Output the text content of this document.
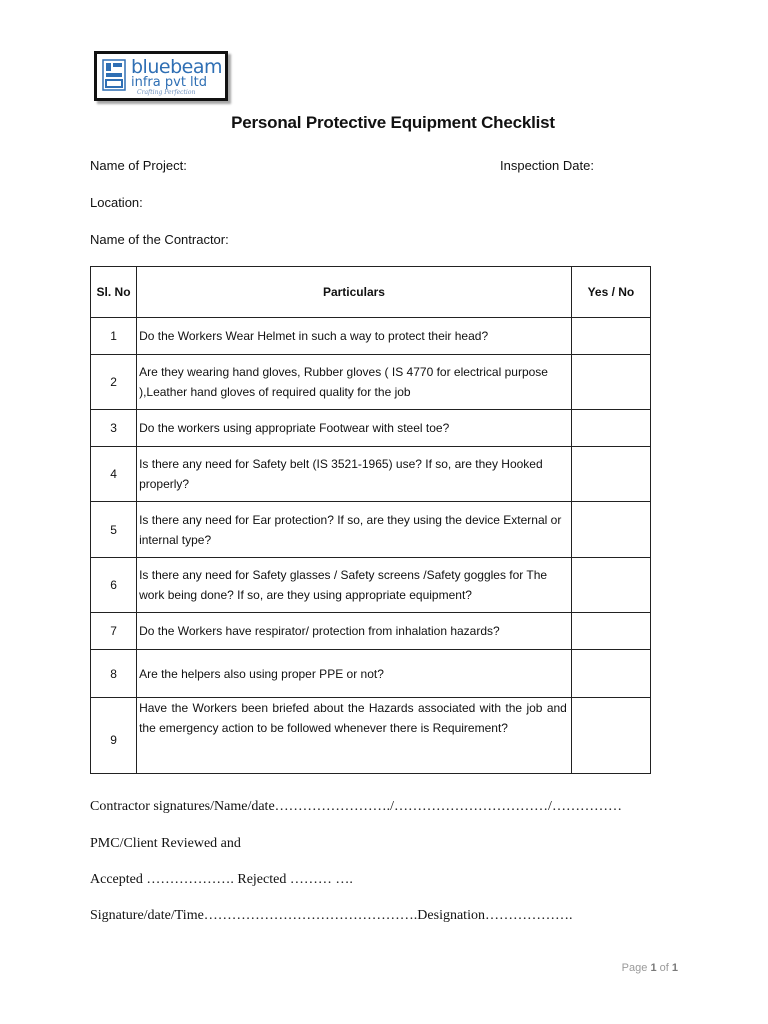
bluebeam
infra pvt ltd
Crafting Perfection
Personal Protective Equipment Checklist
Name of Project:	Inspection Date:
Location:
Name of the Contractor:
Sl. No	Particulars	Yes / No
1	Do the Workers Wear Helmet in such a way to protect their head?	
2	Are they wearing hand gloves, Rubber gloves ( IS 4770 for electrical purpose ),Leather hand gloves of required quality for the job	
3	Do the workers using appropriate Footwear with steel toe?	
4	Is there any need for Safety belt (IS 3521-1965) use? If so, are they Hooked properly?	
5	Is there any need for Ear protection? If so, are they using the device External or internal type?	
6	Is there any need for Safety glasses / Safety screens /Safety goggles for The work being done? If so, are they using appropriate equipment?	
7	Do the Workers have respirator/ protection from inhalation hazards?	
8	Are the helpers also using proper PPE or not?	
9	Have the Workers been briefed about the Hazards associated with the job and the emergency action to be followed whenever there is Requirement?	
Contractor signatures/Name/date……………………./……………………………/……………
PMC/Client Reviewed and
Accepted ………………. Rejected ……… ….
Signature/date/Time……………………………………….Designation……………….
Page 1 of 1
